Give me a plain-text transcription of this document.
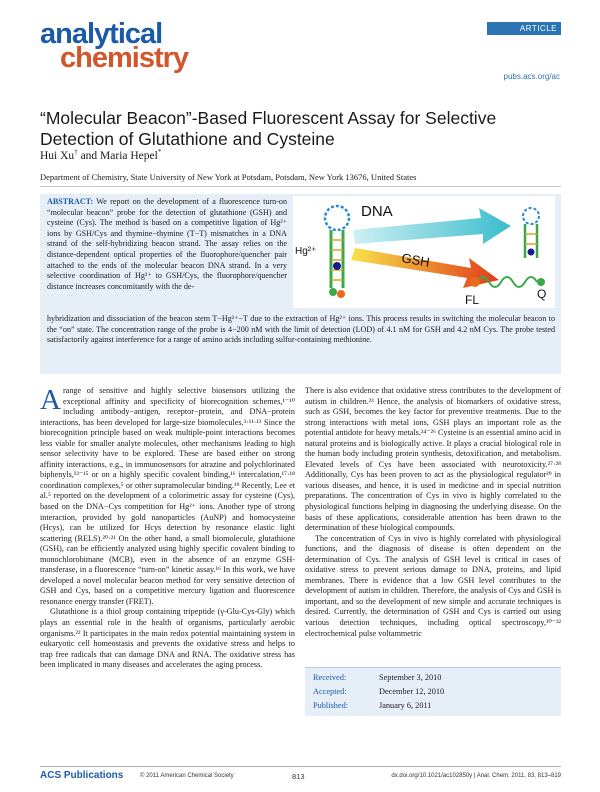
analytical
chemistry
ARTICLE
pubs.acs.org/ac
“Molecular Beacon”-Based Fluorescent Assay for Selective Detection of Glutathione and Cysteine
Hui Xu† and Maria Hepel*
Department of Chemistry, State University of New York at Potsdam, Potsdam, New York 13676, United States
ABSTRACT: We report on the development of a fluorescence turn-on “molecular beacon” probe for the detection of glutathione (GSH) and cysteine (Cys). The method is based on a competitive ligation of Hg²⁺ ions by GSH/Cys and thymine−thymine (T−T) mismatches in a DNA strand of the self-hybridizing beacon strand. The assay relies on the distance-dependent optical properties of the fluorophore/quencher pair attached to the ends of the molecular beacon DNA strand. In a very selective coordination of Hg²⁺ to GSH/Cys, the fluorophore/quencher distance increases concomitantly with the de-
hybridization and dissociation of the beacon stem T−Hg²⁺−T due to the extraction of Hg²⁺ ions. This process results in switching the molecular beacon to the “on” state. The concentration range of the probe is 4−200 nM with the limit of detection (LOD) of 4.1 nM for GSH and 4.2 nM Cys. The probe tested satisfactorily against interference for a range of amino acids including sulfur-containing methionine.
DNA
Hg²⁺	GSH
FL	Q

A range of sensitive and highly selective biosensors utilizing the exceptional affinity and specificity of biorecognition schemes,¹⁻¹⁰ including antibody−antigen, receptor−protein, and DNA−protein interactions, has been developed for large-size biomolecules.³·¹¹·¹² Since the biorecognition principle based on weak multiple-point interactions becomes less viable for smaller analyte molecules, other mechanisms leading to high sensor selectivity have to be explored. These are based either on strong affinity interactions, e.g., in immunosensors for atrazine and polychlorinated biphenyls,¹³⁻¹⁵ or on a highly specific covalent binding,¹⁶ intercalation,¹⁷·¹⁸ coordination complexes,⁵ or other supramolecular binding.¹⁹ Recently, Lee et al.⁵ reported on the development of a colorimetric assay for cysteine (Cys), based on the DNA−Cys competition for Hg²⁺ ions. Another type of strong interaction, provided by gold nanoparticles (AuNP) and homocysteine (Hcys), can be utilized for Hcys detection by resonance elastic light scattering (RELS).²⁰·²¹ On the other hand, a small biomolecule, glutathione (GSH), can be efficiently analyzed using highly specific covalent binding to monochlorobimane (MCB), even in the absence of an enzyme GSH-transferase, in a fluorescence “turn-on” kinetic assay.¹⁶ In this work, we have developed a novel molecular beacon method for very sensitive detection of GSH and Cys, based on a competitive mercury ligation and fluorescence resonance energy transfer (FRET).

Glutathione is a thiol group containing tripeptide (γ-Glu-Cys-Gly) which plays an essential role in the health of organisms, particularly aerobic organisms.²² It participates in the main redox potential maintaining system in eukaryotic cell homeostasis and prevents the oxidative stress and helps to trap free radicals that can damage DNA and RNA. The oxidative stress has been implicated in many diseases and accelerates the aging process.

There is also evidence that oxidative stress contributes to the development of autism in children.²³ Hence, the analysis of biomarkers of oxidative stress, such as GSH, becomes the key factor for preventive treatments. Due to the strong interactions with metal ions, GSH plays an important role as the potential antidote for heavy metals.²⁴⁻²⁶ Cysteine is an essential amino acid in natural proteins and is biologically active. It plays a crucial biological role in the human body including protein synthesis, detoxification, and metabolism. Elevated levels of Cys have been associated with neurotoxicity.²⁷·²⁸ Additionally, Cys has been proven to act as the physiological regulator²⁹ in various diseases, and hence, it is used in medicine and in special nutrition preparations. The concentration of Cys in vivo is highly correlated to the physiological functions helping in diagnosing the underlying disease. On the basis of these applications, considerable attention has been drawn to the determination of these biological compounds.

The concentration of Cys in vivo is highly correlated with physiological functions, and the diagnosis of disease is often dependent on the determination of Cys. The analysis of GSH level is critical in cases of oxidative stress to prevent serious damage to DNA, proteins, and lipid membranes. There is evidence that a low GSH level contributes to the development of autism in children. Therefore, the analysis of Cys and GSH is important, and so the development of new simple and accurate techniques is desired. Currently, the determination of GSH and Cys is carried out using various detection techniques, including optical spectroscopy,³⁰⁻³² electrochemical pulse voltammetric

Received:	September 3, 2010
Accepted:	December 12, 2010
Published:	January 6, 2011
ACS Publications	© 2011 American Chemical Society	813	dx.doi.org/10.1021/ac102850y | Anal. Chem. 2011, 83, 813–819
